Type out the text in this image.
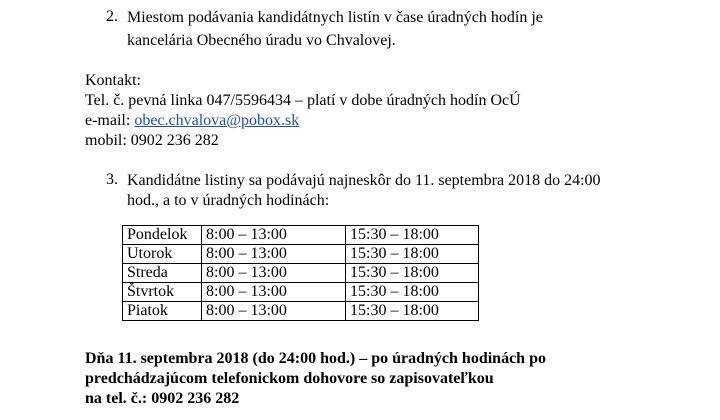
2. Miestom podávania kandidátnych listín v čase úradných hodín je
kancelária Obecného úradu vo Chvalovej.
Kontakt:
Tel. č. pevná linka 047/5596434 – platí v dobe úradných hodín OcÚ
e-mail: obec.chvalova@pobox.sk
mobil: 0902 236 282
3. Kandidátne listiny sa podávajú najneskôr do 11. septembra 2018 do 24:00
hod., a to v úradných hodinách:
Pondelok	8:00 – 13:00	15:30 – 18:00
Utorok	8:00 – 13:00	15:30 – 18:00
Streda	8:00 – 13:00	15:30 – 18:00
Štvrtok	8:00 – 13:00	15:30 – 18:00
Piatok	8:00 – 13:00	15:30 – 18:00
Dňa 11. septembra 2018 (do 24:00 hod.) – po úradných hodinách po
predchádzajúcom telefonickom dohovore so zapisovateľkou
na tel. č.: 0902 236 282
